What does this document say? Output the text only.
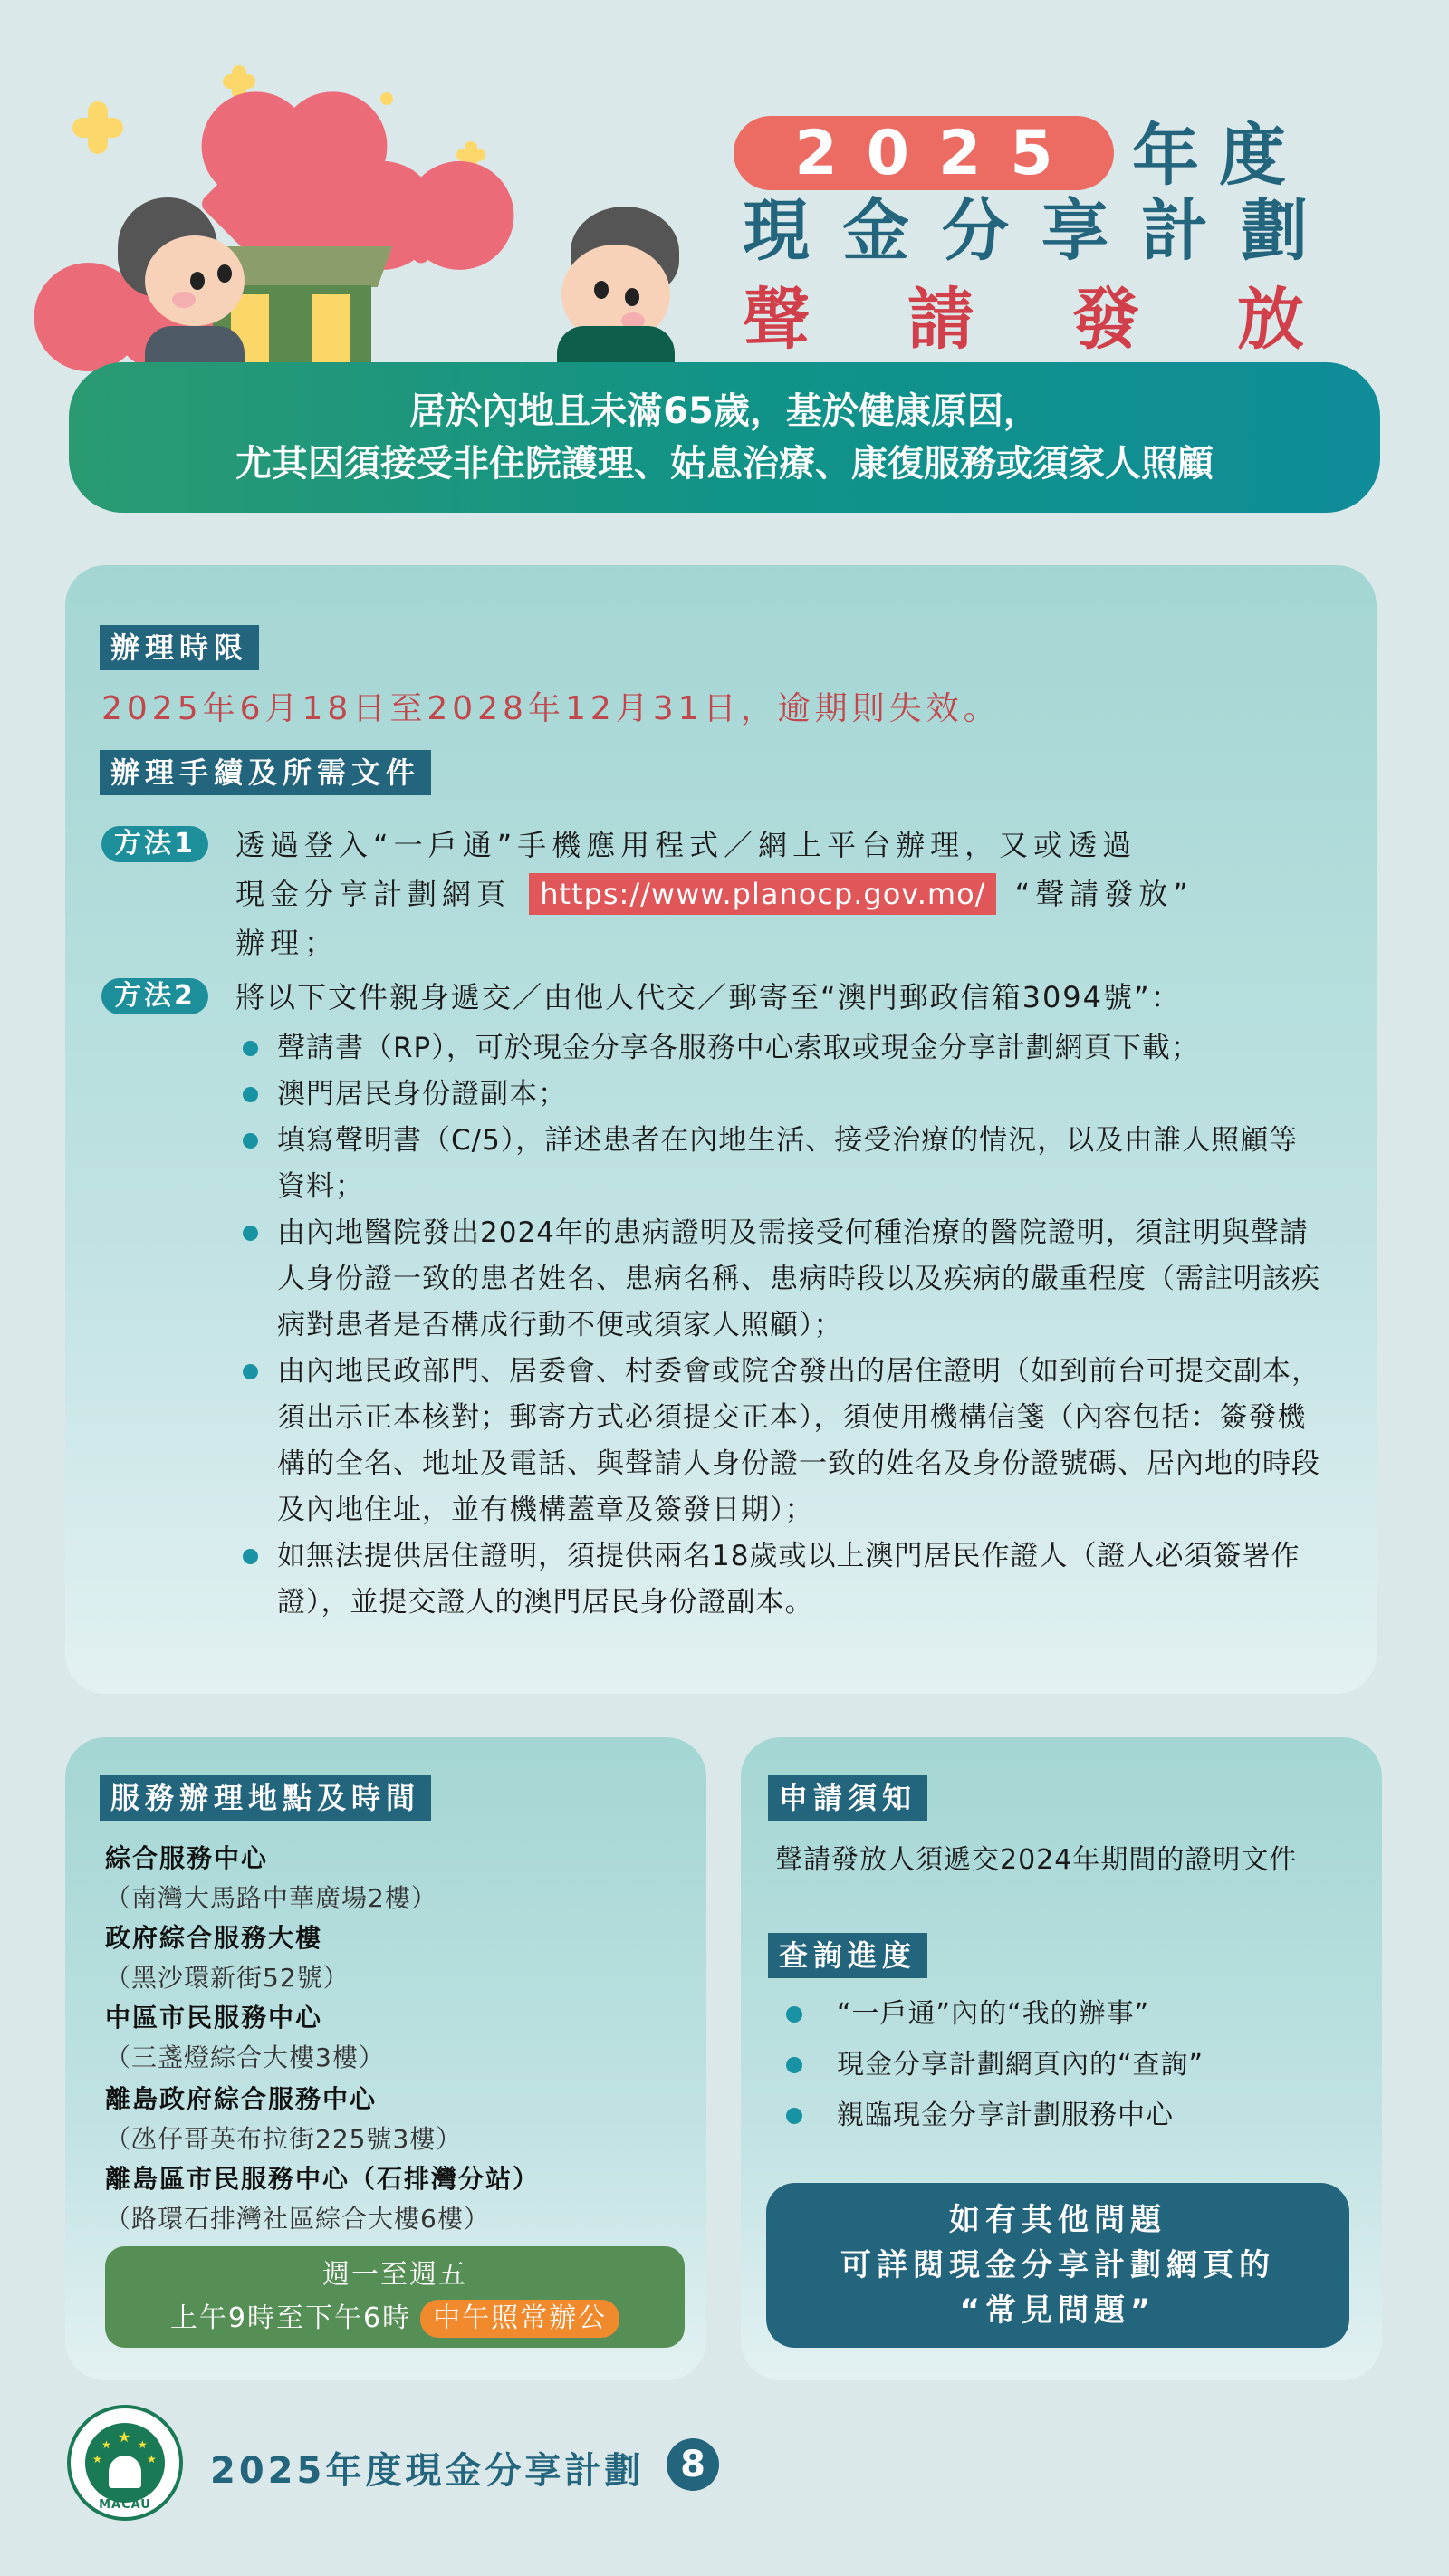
2025 年度
現金分享計劃
聲請發放
居於內地且未滿65歲，基於健康原因，
尤其因須接受非住院護理、姑息治療、康復服務或須家人照顧
辦理時限
2025年6月18日至2028年12月31日，逾期則失效。
辦理手續及所需文件
方法1	透過登入“一戶通”手機應用程式／網上平台辦理，又或透過
現金分享計劃網頁 https://www.planocp.gov.mo/ “聲請發放”
辦理；
方法2	將以下文件親身遞交／由他人代交／郵寄至“澳門郵政信箱3094號”：
聲請書（RP），可於現金分享各服務中心索取或現金分享計劃網頁下載；
澳門居民身份證副本；
填寫聲明書（C/5），詳述患者在內地生活、接受治療的情況，以及由誰人照顧等資料；
由內地醫院發出2024年的患病證明及需接受何種治療的醫院證明，須註明與聲請人身份證一致的患者姓名、患病名稱、患病時段以及疾病的嚴重程度（需註明該疾病對患者是否構成行動不便或須家人照顧）；
由內地民政部門、居委會、村委會或院舍發出的居住證明（如到前台可提交副本，須出示正本核對；郵寄方式必須提交正本），須使用機構信箋（內容包括：簽發機構的全名、地址及電話、與聲請人身份證一致的姓名及身份證號碼、居內地的時段及內地住址，並有機構蓋章及簽發日期）；
如無法提供居住證明，須提供兩名18歲或以上澳門居民作證人（證人必須簽署作證），並提交證人的澳門居民身份證副本。
服務辦理地點及時間
綜合服務中心
（南灣大馬路中華廣場2樓）
政府綜合服務大樓
（黑沙環新街52號）
中區市民服務中心
（三盞燈綜合大樓3樓）
離島政府綜合服務中心
（氹仔哥英布拉街225號3樓）
離島區市民服務中心（石排灣分站）
（路環石排灣社區綜合大樓6樓）
週一至週五
上午9時至下午6時 中午照常辦公
申請須知
聲請發放人須遞交2024年期間的證明文件
查詢進度
“一戶通”內的“我的辦事”
現金分享計劃網頁內的“查詢”
親臨現金分享計劃服務中心
如有其他問題
可詳閱現金分享計劃網頁的
“常見問題”
★
★ ★
★	★
MACAU
2025年度現金分享計劃 8
